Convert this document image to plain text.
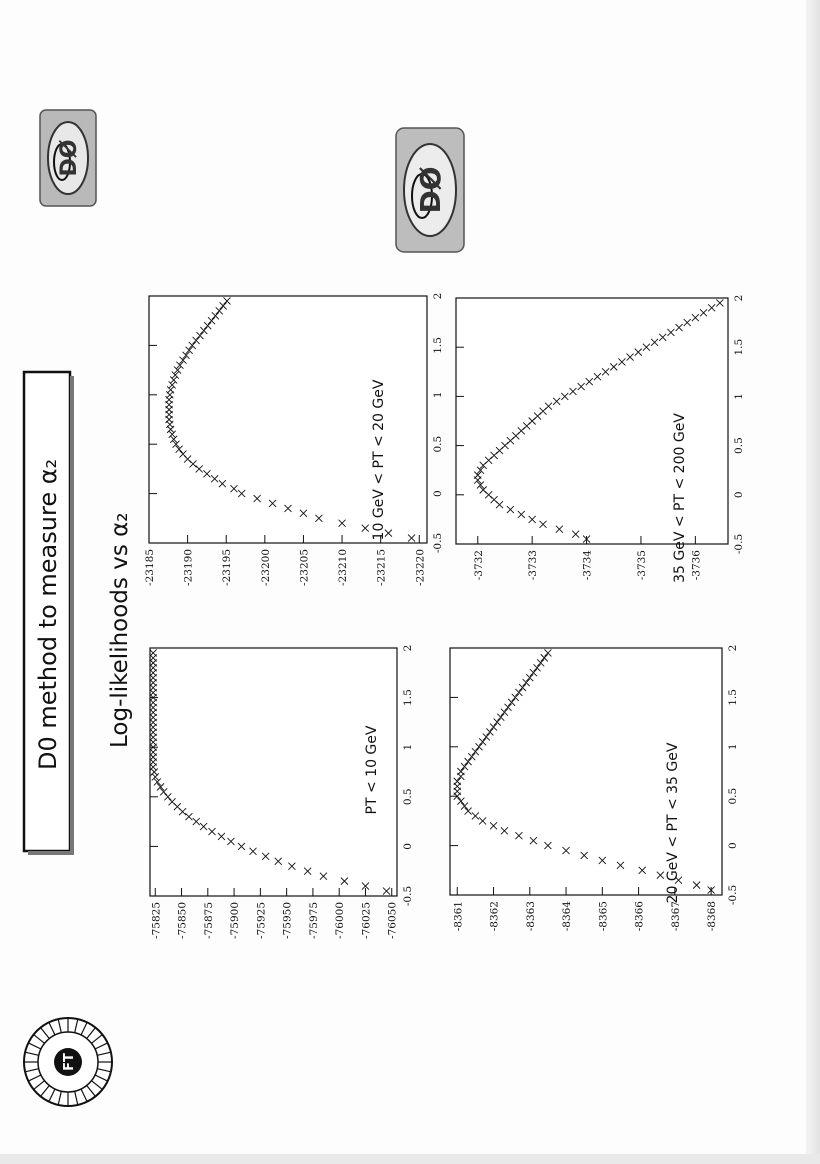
D0 method to measure α₂ Log-likelihoods vs α₂
FT
DØ
DØ
-0.5
0
0.5
1
1.5
2
-75825 -75850 -75875 -75900 -75925 -75950 -75975 -76000 -76025 -76050
PT < 10 GeV
-0.5
0
0.5
1
1.5
2
-23185	-23190	-23195	-23200	-23205	-23210	-23215	-23220
10 GeV < PT < 20 GeV
-0.5
0
0.5
1
1.5
2
-8361 -8362 -8363 -8364 -8365 -8366 -8367 -8368
20 GeV < PT < 35 GeV
-0.5
0
0.5
1
1.5
2
-3732	-3733	-3734	-3735	-3736
35 GeV < PT < 200 GeV
